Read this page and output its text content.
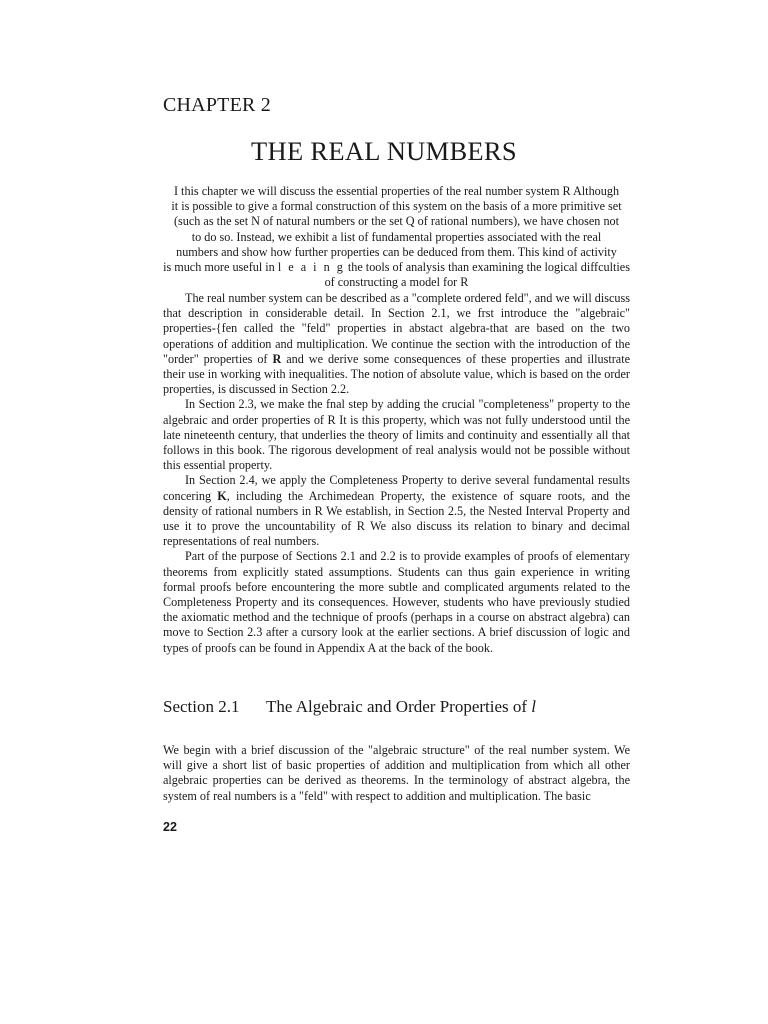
CHAPTER 2
THE REAL NUMBERS
I this chapter we will discuss the essential properties of the real number system R Although
it is possible to give a formal construction of this system on the basis of a more primitive set
(such as the set N of natural numbers or the set Q of rational numbers), we have chosen not
to do so. Instead, we exhibit a list of fundamental properties associated with the real
numbers and show how further properties can be deduced from them. This kind of activity
is much more useful in l e a i n g the tools of analysis than examining the logical diffculties
of constructing a model for R

The real number system can be described as a "complete ordered feld", and we will discuss that description in considerable detail. In Section 2.1, we frst introduce the "algebraic" properties-{fen called the "feld" properties in abstact algebra-that are based on the two operations of addition and multiplication. We continue the section with the introduction of the "order" properties of R and we derive some consequences of these properties and illustrate their use in working with inequalities. The notion of absolute value, which is based on the order properties, is discussed in Section 2.2.

In Section 2.3, we make the fnal step by adding the crucial "completeness" property to the algebraic and order properties of R It is this property, which was not fully understood until the late nineteenth century, that underlies the theory of limits and continuity and essentially all that follows in this book. The rigorous development of real analysis would not be possible without this essential property.

In Section 2.4, we apply the Completeness Property to derive several fundamental results concering K, including the Archimedean Property, the existence of square roots, and the density of rational numbers in R We establish, in Section 2.5, the Nested Interval Property and use it to prove the uncountability of R We also discuss its relation to binary and decimal representations of real numbers.

Part of the purpose of Sections 2.1 and 2.2 is to provide examples of proofs of elementary theorems from explicitly stated assumptions. Students can thus gain experience in writing formal proofs before encountering the more subtle and complicated arguments related to the Completeness Property and its consequences. However, students who have previously studied the axiomatic method and the technique of proofs (perhaps in a course on abstract algebra) can move to Section 2.3 after a cursory look at the earlier sections. A brief discussion of logic and types of proofs can be found in Appendix A at the back of the book.

Section 2.1 The Algebraic and Order Properties of l

We begin with a brief discussion of the "algebraic structure" of the real number system. We will give a short list of basic properties of addition and multiplication from which all other algebraic properties can be derived as theorems. In the terminology of abstract algebra, the system of real numbers is a "feld" with respect to addition and multiplication. The basic

22
